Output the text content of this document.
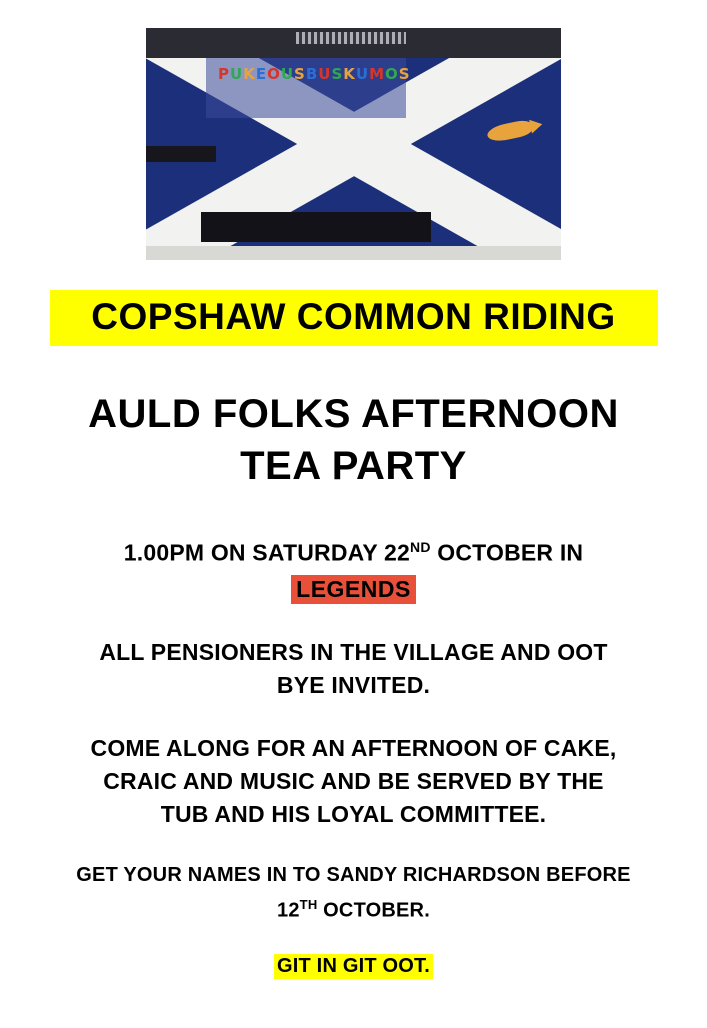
PUKEOUSBUSKUMOS
COPSHAW COMMON RIDING
AULD FOLKS AFTERNOON
TEA PARTY
1.00PM ON SATURDAY 22ND OCTOBER IN
LEGENDS
ALL PENSIONERS IN THE VILLAGE AND OOT
BYE INVITED.
COME ALONG FOR AN AFTERNOON OF CAKE,
CRAIC AND MUSIC AND BE SERVED BY THE
TUB AND HIS LOYAL COMMITTEE.
GET YOUR NAMES IN TO SANDY RICHARDSON BEFORE
12TH OCTOBER.
GIT IN GIT OOT.
